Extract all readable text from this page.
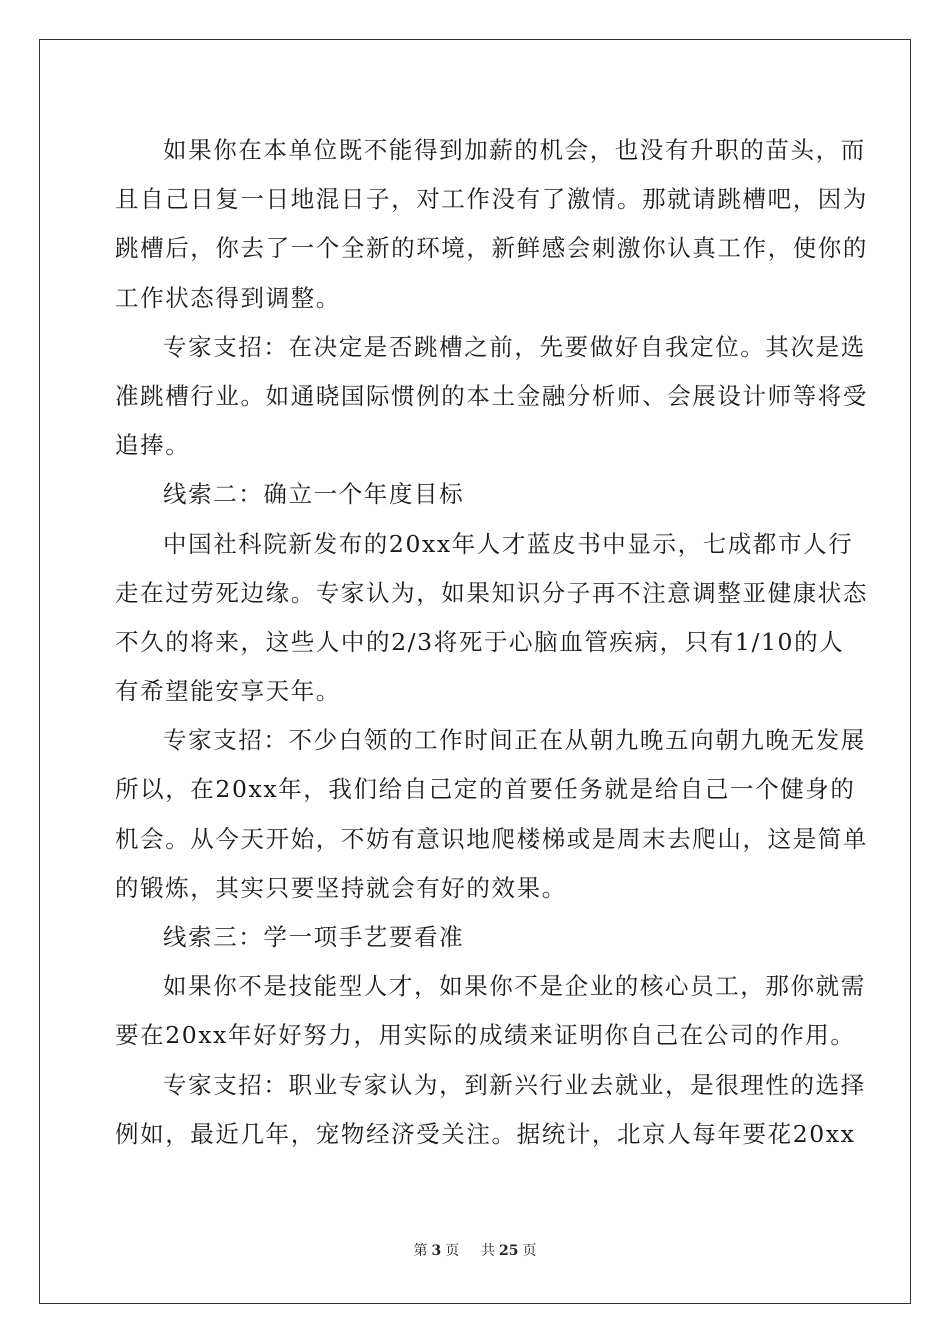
如果你在本单位既不能得到加薪的机会，也没有升职的苗头，而
且自己日复一日地混日子，对工作没有了激情。那就请跳槽吧，因为
跳槽后，你去了一个全新的环境，新鲜感会刺激你认真工作，使你的
工作状态得到调整。
专家支招：在决定是否跳槽之前，先要做好自我定位。其次是选
准跳槽行业。如通晓国际惯例的本土金融分析师、会展设计师等将受
追捧。
线索二：确立一个年度目标
中国社科院新发布的20xx年人才蓝皮书中显示，七成都市人行
走在过劳死边缘。专家认为，如果知识分子再不注意调整亚健康状态
不久的将来，这些人中的2/3将死于心脑血管疾病，只有1/10的人
有希望能安享天年。
专家支招：不少白领的工作时间正在从朝九晚五向朝九晚无发展
所以，在20xx年，我们给自己定的首要任务就是给自己一个健身的
机会。从今天开始，不妨有意识地爬楼梯或是周末去爬山，这是简单
的锻炼，其实只要坚持就会有好的效果。
线索三：学一项手艺要看准
如果你不是技能型人才，如果你不是企业的核心员工，那你就需
要在20xx年好好努力，用实际的成绩来证明你自己在公司的作用。
专家支招：职业专家认为，到新兴行业去就业，是很理性的选择
例如，最近几年，宠物经济受关注。据统计，北京人每年要花20xx
第 3 页 共 25 页
